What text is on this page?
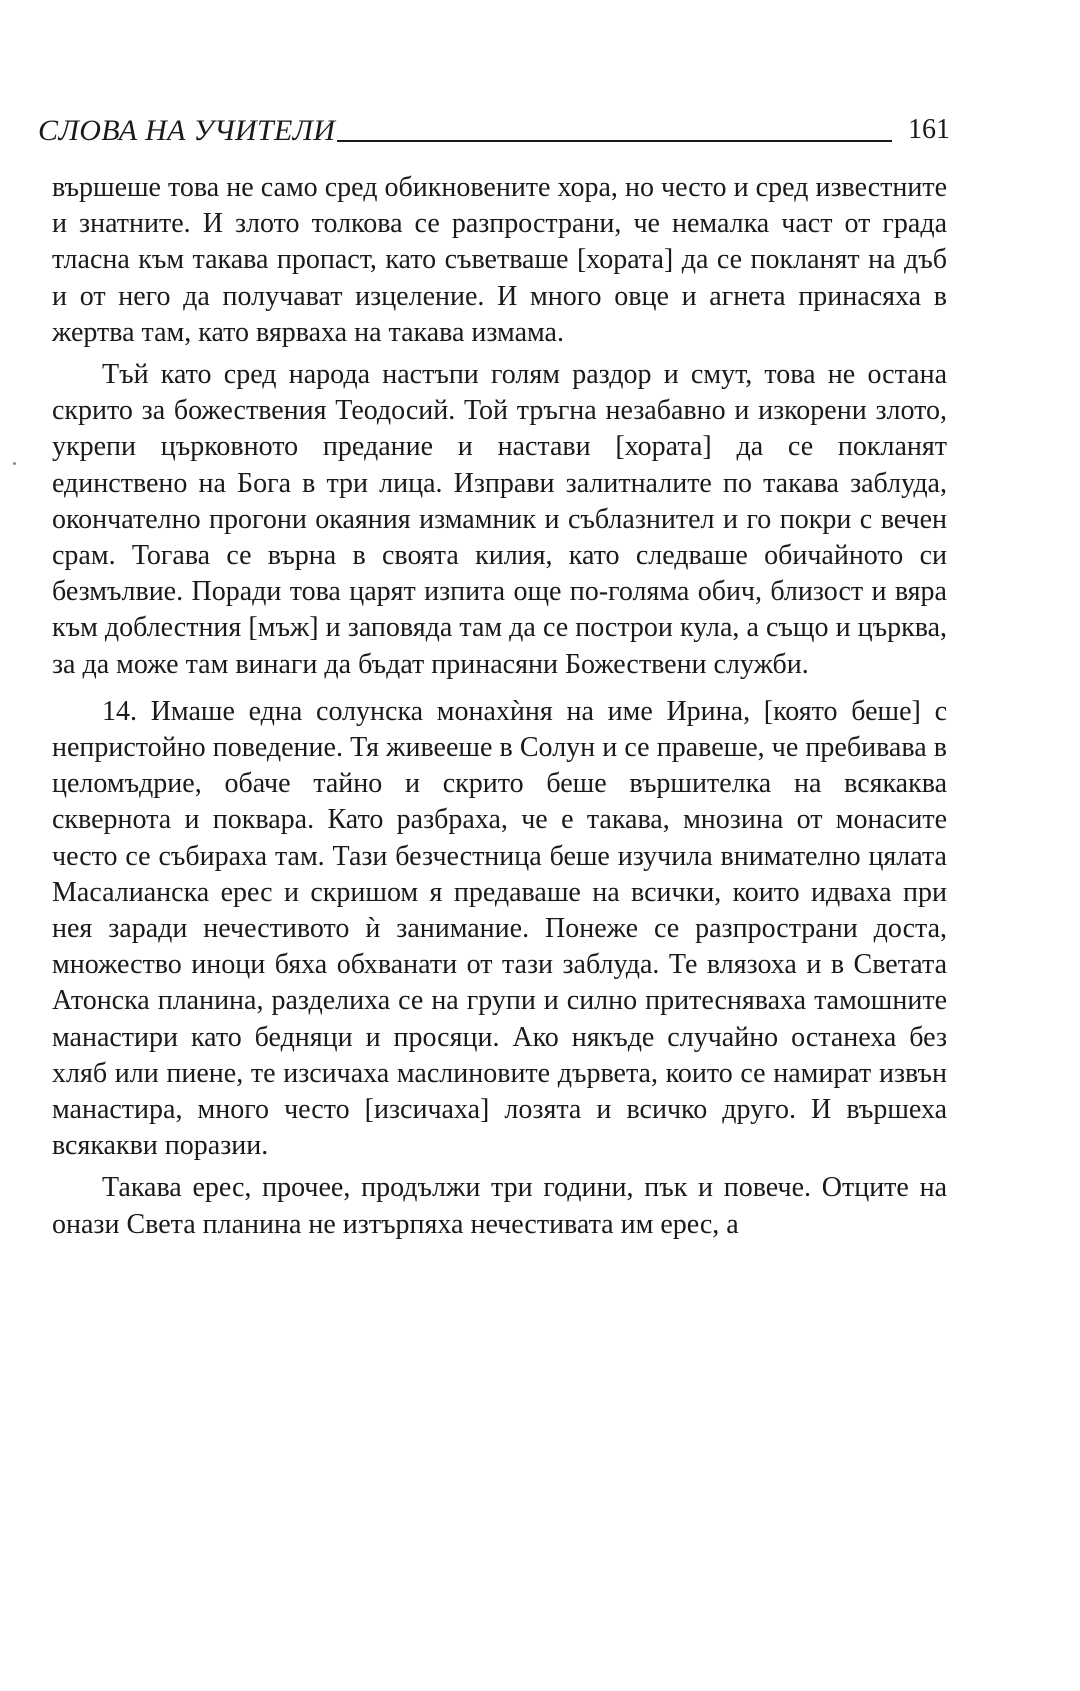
СЛОВА НА УЧИТЕЛИ	161

вършеше това не само сред обикновените хора, но често и сред известните и знатните. И злото толкова се разпространи, че немалка част от града тласна към такава пропаст, като съветваше [хората] да се покланят на дъб и от него да получават изцеление. И много овце и агнета принасяха в жертва там, като вярваха на такава измама.

Тъй като сред народа настъпи голям раздор и смут, това не остана скрито за божествения Теодосий. Той тръгна незабавно и изкорени злото, укрепи църковното предание и настави [хората] да се покланят единствено на Бога в три лица. Изправи залитналите по такава заблуда, окончателно прогони окаяния измамник и съблазнител и го покри с вечен срам. Тогава се върна в своята килия, като следваше обичайното си безмълвие. Поради това царят изпита още по-голяма обич, близост и вяра към доблестния [мъж] и заповяда там да се построи кула, а също и църква, за да може там винаги да бъдат принасяни Божествени служби.

14. Имаше една солунска монахѝня на име Ирина, [която беше] с непристойно поведение. Тя живееше в Солун и се правеше, че пребивава в целомъдрие, обаче тайно и скрито беше вършителка на всякаква сквернота и поквара. Като разбраха, че е такава, мнозина от монасите често се събираха там. Тази безчестница беше изучила внимателно цялата Масалианска ерес и скришом я предаваше на всички, които идваха при нея заради нечестивото ѝ занимание. Понеже се разпространи доста, множество иноци бяха обхванати от тази заблуда. Те влязоха и в Светата Атонска планина, разделиха се на групи и силно притесняваха тамошните манастири като бедняци и просяци. Ако някъде случайно останеха без хляб или пиене, те изсичаха маслиновите дървета, които се намират извън манастира, много често [изсичаха] лозята и всичко друго. И вършеха всякакви поразии.

Такава ерес, прочее, продължи три години, пък и повече. Отците на онази Света планина не изтърпяха нечестивата им ерес, а
